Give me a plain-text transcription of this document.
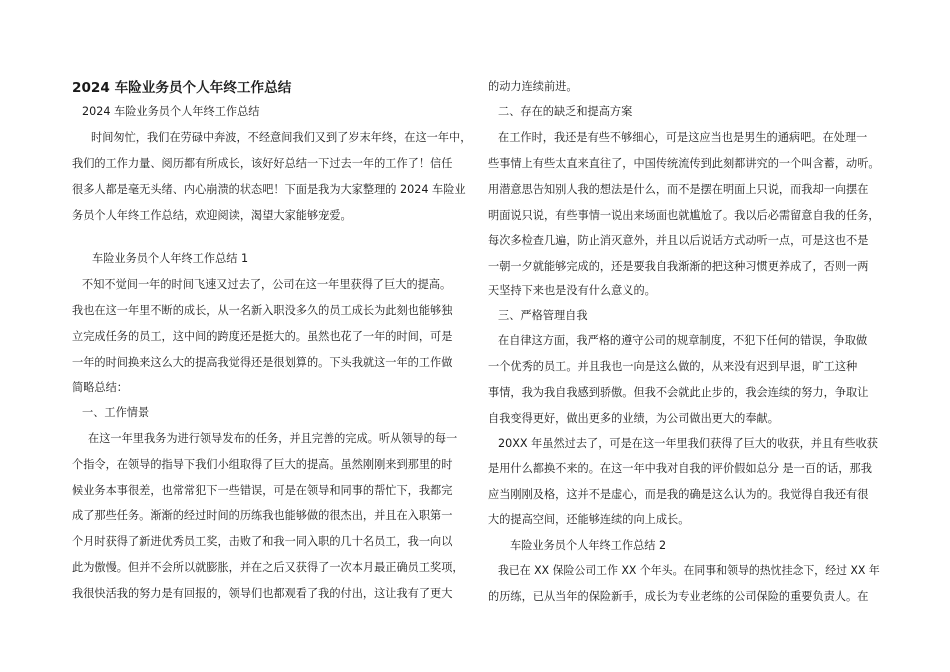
2024 车险业务员个人年终工作总结
2024 车险业务员个人年终工作总结
时间匆忙，我们在劳碌中奔波，不经意间我们又到了岁末年终，在这一年中，
我们的工作力量、阅历都有所成长，该好好总结一下过去一年的工作了！信任
很多人都是毫无头绪、内心崩溃的状态吧！下面是我为大家整理的 2024 车险业
务员个人年终工作总结，欢迎阅读，渴望大家能够宠爱。
车险业务员个人年终工作总结 1
不知不觉间一年的时间飞速又过去了，公司在这一年里获得了巨大的提高。
我也在这一年里不断的成长，从一名新入职没多久的员工成长为此刻也能够独
立完成任务的员工，这中间的跨度还是挺大的。虽然也花了一年的时间，可是
一年的时间换来这么大的提高我觉得还是很划算的。下头我就这一年的工作做
简略总结：
一、工作情景
在这一年里我务为进行领导发布的任务，并且完善的完成。听从领导的每一
个指令，在领导的指导下我们小组取得了巨大的提高。虽然刚刚来到那里的时
候业务本事很差，也常常犯下一些错误，可是在领导和同事的帮忙下，我都完
成了那些任务。渐渐的经过时间的历练我也能够做的很杰出，并且在入职第一
个月时获得了新进优秀员工奖，击败了和我一同入职的几十名员工，我一向以
此为傲慢。但并不会所以就膨胀，并在之后又获得了一次本月最正确员工奖项，
我很快活我的努力是有回报的，领导们也都观看了我的付出，这让我有了更大
的动力连续前进。
二、存在的缺乏和提高方案
在工作时，我还是有些不够细心，可是这应当也是男生的通病吧。在处理一
些事情上有些太直来直往了，中国传统流传到此刻都讲究的一个叫含蓄，动听。
用潜意思告知别人我的想法是什么，而不是摆在明面上只说，而我却一向摆在
明面说只说，有些事情一说出来场面也就尴尬了。我以后必需留意自我的任务，
每次多检查几遍，防止消灭意外，并且以后说话方式动听一点，可是这也不是
一朝一夕就能够完成的，还是要我自我渐渐的把这种习惯更养成了，否则一两
天坚持下来也是没有什么意义的。
三、严格管理自我
在自律这方面，我严格的遵守公司的规章制度，不犯下任何的错误，争取做
一个优秀的员工。并且我也一向是这么做的，从来没有迟到早退，旷工这种
事情，我为我自我感到骄傲。但我不会就此止步的，我会连续的努力，争取让
自我变得更好，做出更多的业绩，为公司做出更大的奉献。
20XX 年虽然过去了，可是在这一年里我们获得了巨大的收获，并且有些收获
是用什么都换不来的。在这一年中我对自我的评价假如总分 是一百的话，那我
应当刚刚及格，这并不是虚心，而是我的确是这么认为的。我觉得自我还有很
大的提高空间，还能够连续的向上成长。
车险业务员个人年终工作总结 2
我已在 XX 保险公司工作 XX 个年头。在同事和领导的热忱挂念下，经过 XX 年
的历练，已从当年的保险新手，成长为专业老练的公司保险的重要负责人。在
